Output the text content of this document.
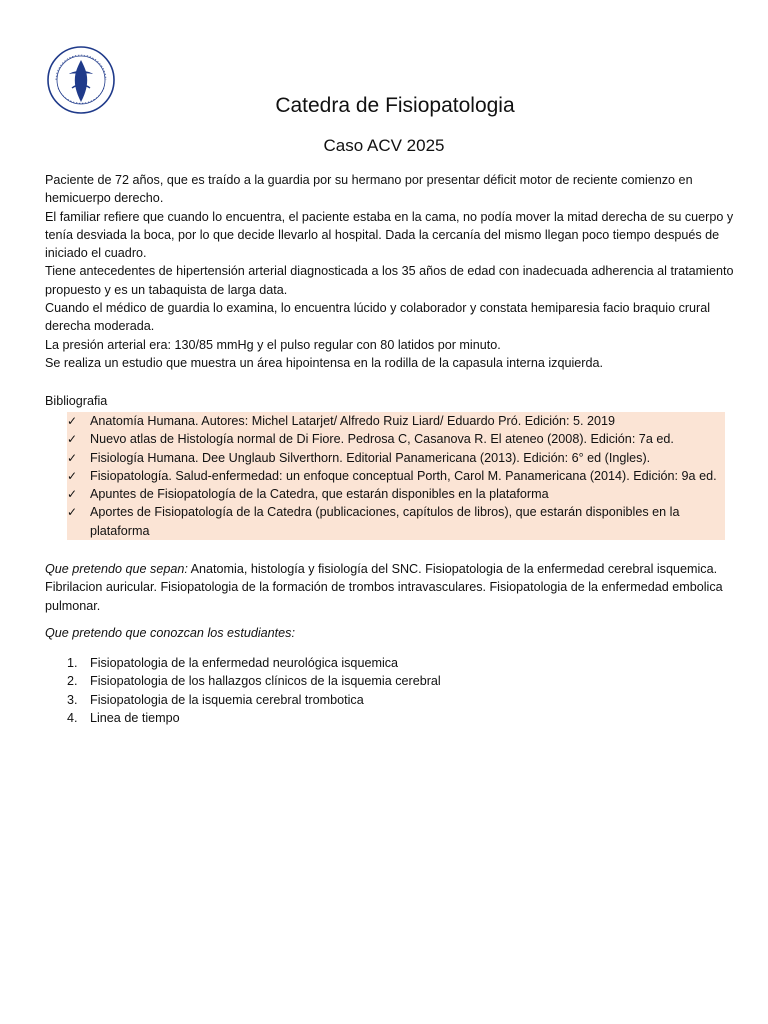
Catedra de Fisiopatologia
Caso ACV 2025

Paciente de 72 años, que es traído a la guardia por su hermano por presentar déficit motor de reciente comienzo en hemicuerpo derecho.

El familiar refiere que cuando lo encuentra, el paciente estaba en la cama, no podía mover la mitad derecha de su cuerpo y tenía desviada la boca, por lo que decide llevarlo al hospital. Dada la cercanía del mismo llegan poco tiempo después de iniciado el cuadro.

Tiene antecedentes de hipertensión arterial diagnosticada a los 35 años de edad con inadecuada adherencia al tratamiento propuesto y es un tabaquista de larga data.

Cuando el médico de guardia lo examina, lo encuentra lúcido y colaborador y constata hemiparesia facio braquio crural derecha moderada.

La presión arterial era: 130/85 mmHg y el pulso regular con 80 latidos por minuto.

Se realiza un estudio que muestra un área hipointensa en la rodilla de la capasula interna izquierda.

Bibliografia
✓ Anatomía Humana. Autores: Michel Latarjet/ Alfredo Ruiz Liard/ Eduardo Pró. Edición: 5. 2019
✓ Nuevo atlas de Histología normal de Di Fiore. Pedrosa C, Casanova R. El ateneo (2008). Edición: 7a ed.
✓ Fisiología Humana. Dee Unglaub Silverthorn. Editorial Panamericana (2013). Edición: 6° ed (Ingles).
✓ Fisiopatología. Salud-enfermedad: un enfoque conceptual Porth, Carol M. Panamericana (2014). Edición: 9a ed.
✓ Apuntes de Fisiopatología de la Catedra, que estarán disponibles en la plataforma
✓ Aportes de Fisiopatología de la Catedra (publicaciones, capítulos de libros), que estarán disponibles en la plataforma
Que pretendo que sepan: Anatomia, histología y fisiología del SNC. Fisiopatologia de la enfermedad cerebral isquemica. Fibrilacion auricular. Fisiopatologia de la formación de trombos intravasculares. Fisiopatologia de la enfermedad embolica pulmonar.
Que pretendo que conozcan los estudiantes:
1. Fisiopatologia de la enfermedad neurológica isquemica
2. Fisiopatologia de los hallazgos clínicos de la isquemia cerebral
3. Fisiopatologia de la isquemia cerebral trombotica
4. Linea de tiempo
